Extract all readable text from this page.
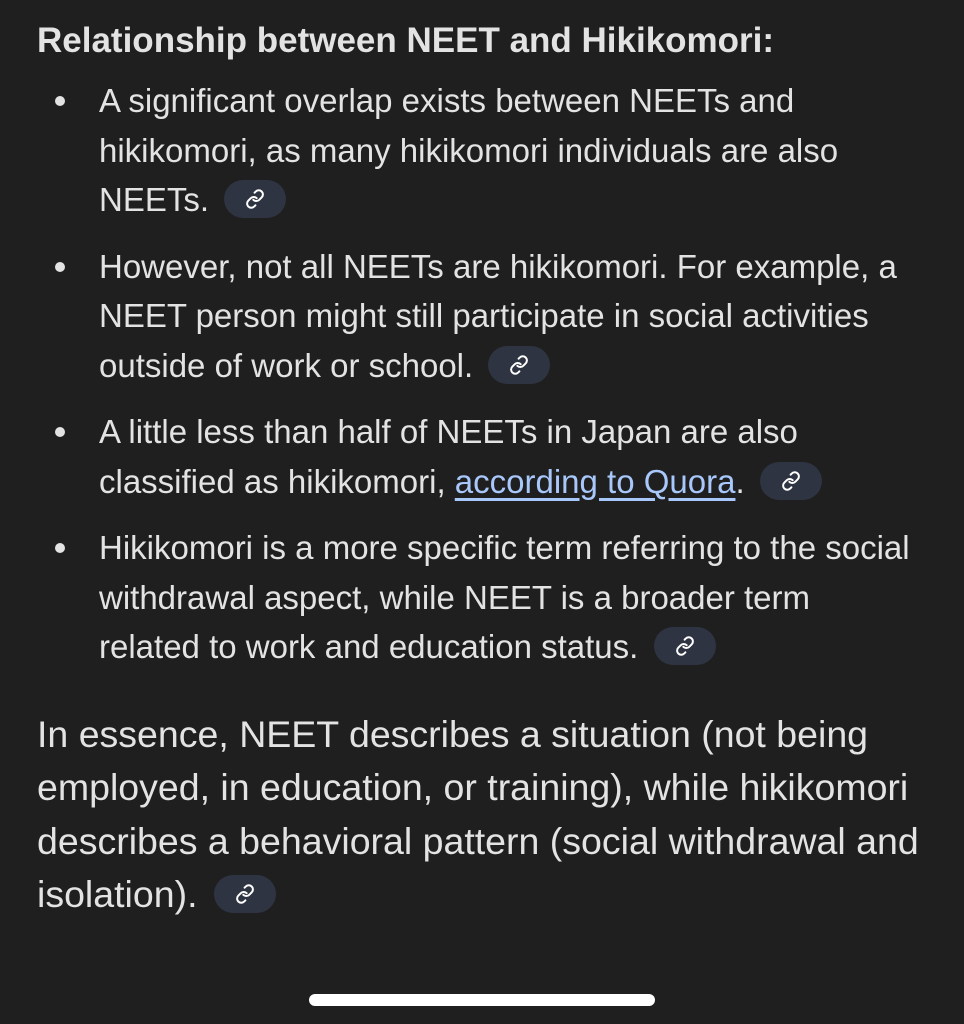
Relationship between NEET and Hikikomori:
A significant overlap exists between NEETs and hikikomori, as many hikikomori individuals are also NEETs.
However, not all NEETs are hikikomori. For example, a NEET person might still participate in social activities outside of work or school.
A little less than half of NEETs in Japan are also classified as hikikomori, according to Quora.
Hikikomori is a more specific term referring to the social withdrawal aspect, while NEET is a broader term related to work and education status.

In essence, NEET describes a situation (not being employed, in education, or training), while hikikomori describes a behavioral pattern (social withdrawal and isolation).
